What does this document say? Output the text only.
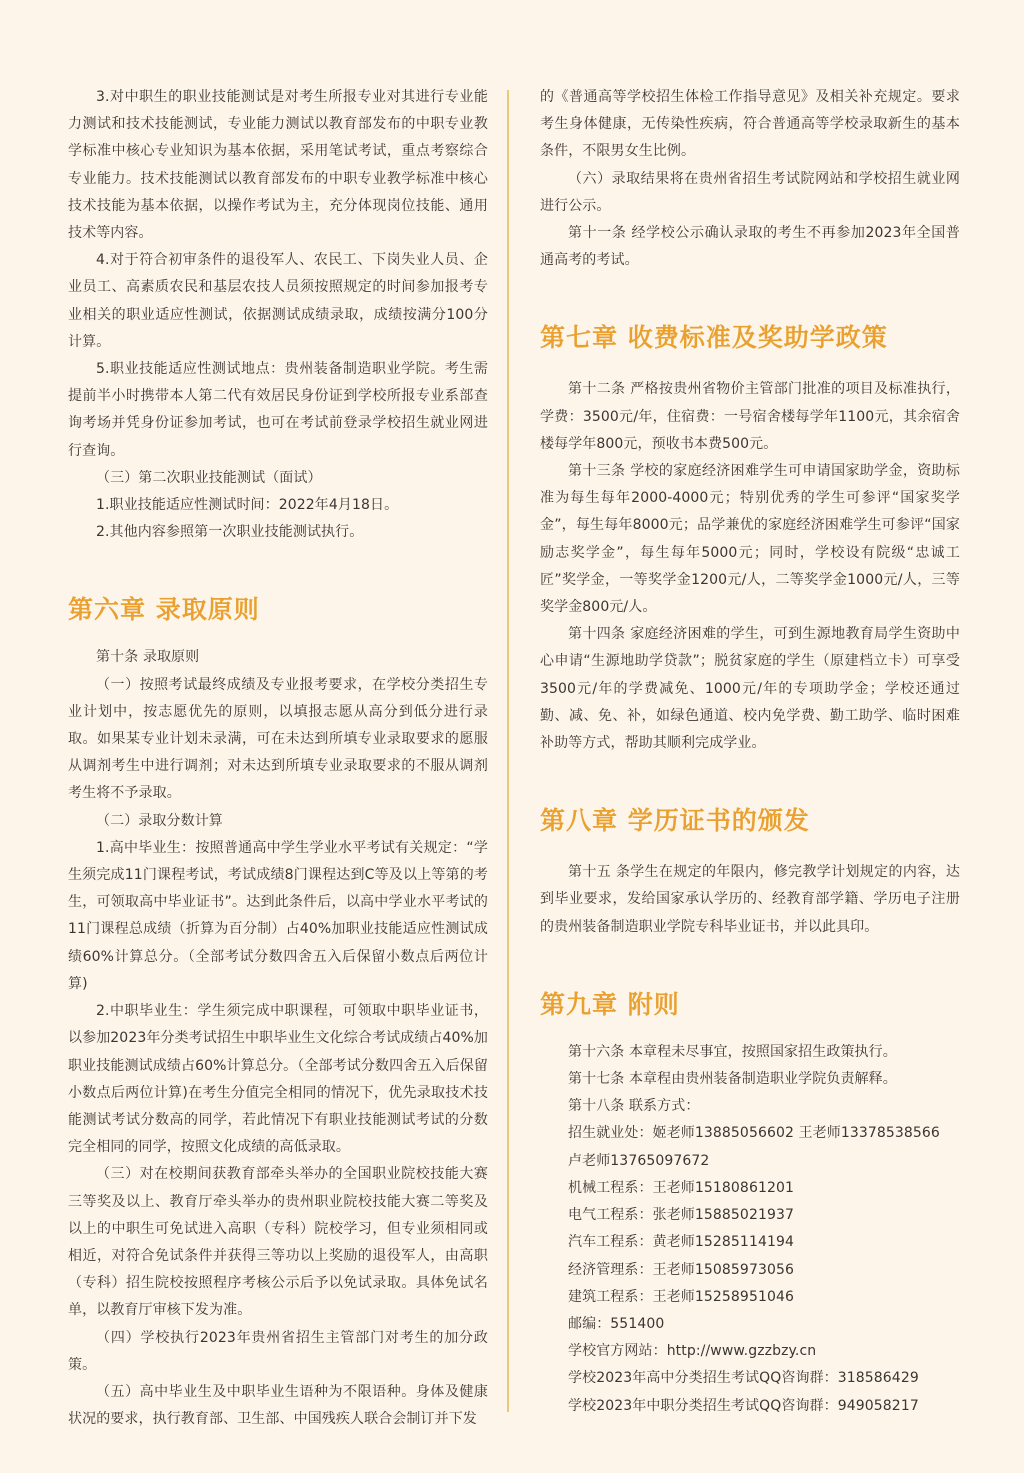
3.对中职生的职业技能测试是对考生所报专业对其进行专业能力测试和技术技能测试，专业能力测试以教育部发布的中职专业教学标准中核心专业知识为基本依据，采用笔试考试，重点考察综合专业能力。技术技能测试以教育部发布的中职专业教学标准中核心技术技能为基本依据，以操作考试为主，充分体现岗位技能、通用技术等内容。

4.对于符合初审条件的退役军人、农民工、下岗失业人员、企业员工、高素质农民和基层农技人员须按照规定的时间参加报考专业相关的职业适应性测试，依据测试成绩录取，成绩按满分100分计算。

5.职业技能适应性测试地点：贵州装备制造职业学院。考生需提前半小时携带本人第二代有效居民身份证到学校所报专业系部查询考场并凭身份证参加考试，也可在考试前登录学校招生就业网进行查询。

（三）第二次职业技能测试（面试）

1.职业技能适应性测试时间：2022年4月18日。

2.其他内容参照第一次职业技能测试执行。

第六章 录取原则

第十条 录取原则

（一）按照考试最终成绩及专业报考要求，在学校分类招生专业计划中，按志愿优先的原则，以填报志愿从高分到低分进行录取。如果某专业计划未录满，可在未达到所填专业录取要求的愿服从调剂考生中进行调剂；对未达到所填专业录取要求的不服从调剂考生将不予录取。

（二）录取分数计算

1.高中毕业生：按照普通高中学生学业水平考试有关规定：“学生须完成11门课程考试，考试成绩8门课程达到C等及以上等第的考生，可领取高中毕业证书”。达到此条件后，以高中学业水平考试的11门课程总成绩（折算为百分制）占40%加职业技能适应性测试成绩60%计算总分。（全部考试分数四舍五入后保留小数点后两位计算)

2.中职毕业生：学生须完成中职课程，可领取中职毕业证书，以参加2023年分类考试招生中职毕业生文化综合考试成绩占40%加职业技能测试成绩占60%计算总分。（全部考试分数四舍五入后保留小数点后两位计算)在考生分值完全相同的情况下，优先录取技术技能测试考试分数高的同学，若此情况下有职业技能测试考试的分数完全相同的同学，按照文化成绩的高低录取。

（三）对在校期间获教育部牵头举办的全国职业院校技能大赛三等奖及以上、教育厅牵头举办的贵州职业院校技能大赛二等奖及以上的中职生可免试进入高职（专科）院校学习，但专业须相同或相近，对符合免试条件并获得三等功以上奖励的退役军人，由高职（专科）招生院校按照程序考核公示后予以免试录取。具体免试名单，以教育厅审核下发为准。

（四）学校执行2023年贵州省招生主管部门对考生的加分政策。

（五）高中毕业生及中职毕业生语种为不限语种。身体及健康状况的要求，执行教育部、卫生部、中国残疾人联合会制订并下发

的《普通高等学校招生体检工作指导意见》及相关补充规定。要求考生身体健康，无传染性疾病，符合普通高等学校录取新生的基本条件，不限男女生比例。

（六）录取结果将在贵州省招生考试院网站和学校招生就业网进行公示。

第十一条 经学校公示确认录取的考生不再参加2023年全国普通高考的考试。

第七章 收费标准及奖助学政策

第十二条 严格按贵州省物价主管部门批准的项目及标准执行，学费：3500元/年，住宿费：一号宿舍楼每学年1100元，其余宿舍楼每学年800元，预收书本费500元。

第十三条 学校的家庭经济困难学生可申请国家助学金，资助标准为每生每年2000-4000元；特别优秀的学生可参评“国家奖学金”，每生每年8000元；品学兼优的家庭经济困难学生可参评“国家励志奖学金”，每生每年5000元；同时，学校设有院级“忠诚工匠”奖学金，一等奖学金1200元/人，二等奖学金1000元/人，三等奖学金800元/人。

第十四条 家庭经济困难的学生，可到生源地教育局学生资助中心申请“生源地助学贷款”；脱贫家庭的学生（原建档立卡）可享受3500元/年的学费减免、1000元/年的专项助学金；学校还通过勤、减、免、补，如绿色通道、校内免学费、勤工助学、临时困难补助等方式，帮助其顺利完成学业。

第八章 学历证书的颁发

第十五 条学生在规定的年限内，修完教学计划规定的内容，达到毕业要求，发给国家承认学历的、经教育部学籍、学历电子注册的贵州装备制造职业学院专科毕业证书，并以此具印。

第九章 附则

第十六条 本章程未尽事宜，按照国家招生政策执行。

第十七条 本章程由贵州装备制造职业学院负责解释。

第十八条 联系方式：

招生就业处：姬老师13885056602 王老师13378538566

卢老师13765097672

机械工程系：王老师15180861201

电气工程系：张老师15885021937

汽车工程系：黄老师15285114194

经济管理系：王老师15085973056

建筑工程系：王老师15258951046

邮编：551400

学校官方网站：http://www.gzzbzy.cn

学校2023年高中分类招生考试QQ咨询群：318586429

学校2023年中职分类招生考试QQ咨询群：949058217
